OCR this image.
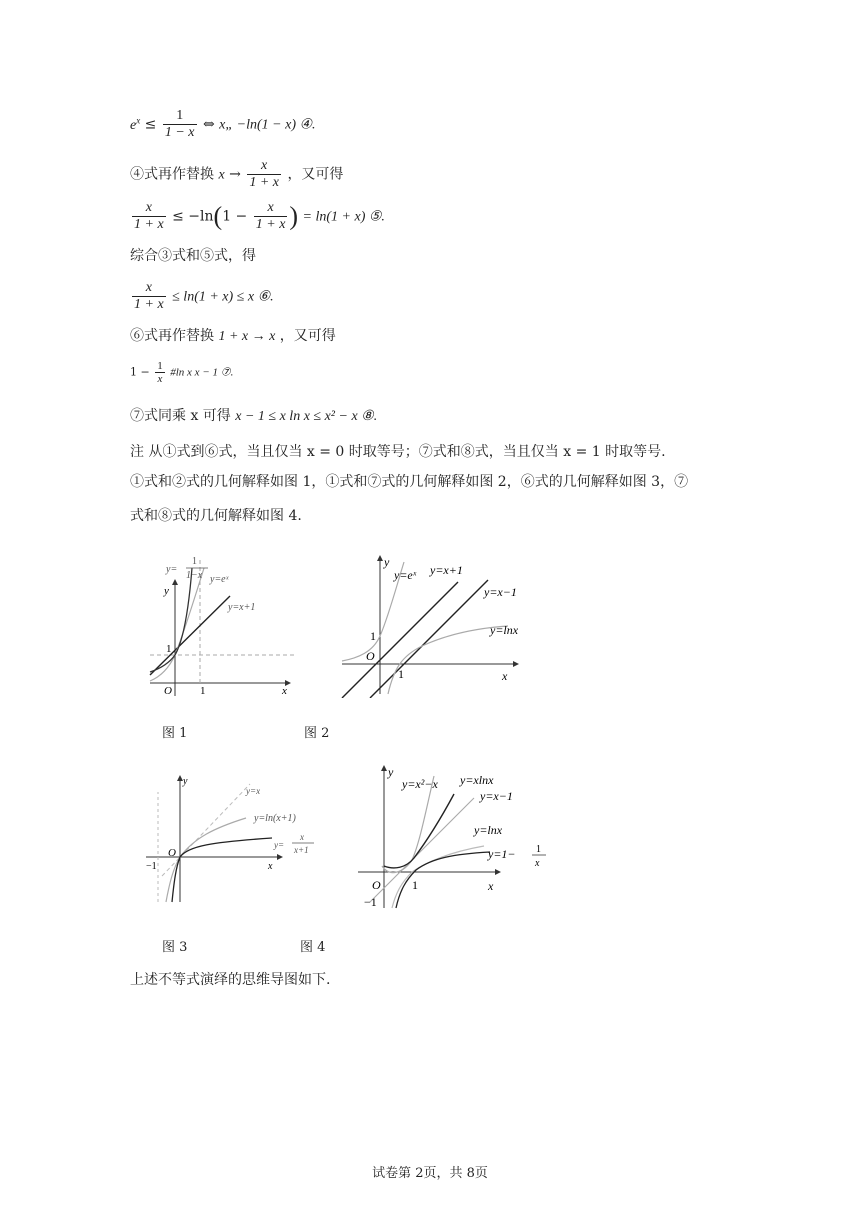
$e^x \le \frac{1}{1 - x}$ ⇔ x„ −ln(1 − x) ④.
④式再作替换 $x \to \frac{x}{1 + x}$ ，又可得
$\frac{x}{1 + x} \le -\ln(1 - \frac{x}{1 + x}$ ) = ln(1 + x) ⑤.
综合③式和⑤式，得
$\frac{x}{1 + x} \le \ln(1 + x) \le x$ ⑥.
⑥式再作替换 1 + x → x ，又可得
$1 - \frac{1}{x}$ #ln x x − 1 ⑦.
⑦式同乘 x 可得 x − 1 ≤ x ln x ≤ x² − x ⑧.
注 从①式到⑥式，当且仅当 x = 0 时取等号；⑦式和⑧式，当且仅当 x = 1 时取等号.
①式和②式的几何解释如图 1，①式和⑦式的几何解释如图 2，⑥式的几何解释如图 3，⑦
式和⑧式的几何解释如图 4.
y
x
O	1
1
y=eˣ
y=x+1
y=
1
1−x
y
x
O
1
1
y=eˣ y=x+1
y=x−1
y=lnx
图 1	图 2
y
x
O
−1
y=x
y=ln(x+1)
y=
x
x+1
y
x
O	1
−1
y=x²−x y=xlnx
y=x−1
y=lnx
y=1− 1
x
图 3	图 4
上述不等式演绎的思维导图如下.
试卷第 2页，共 8页
